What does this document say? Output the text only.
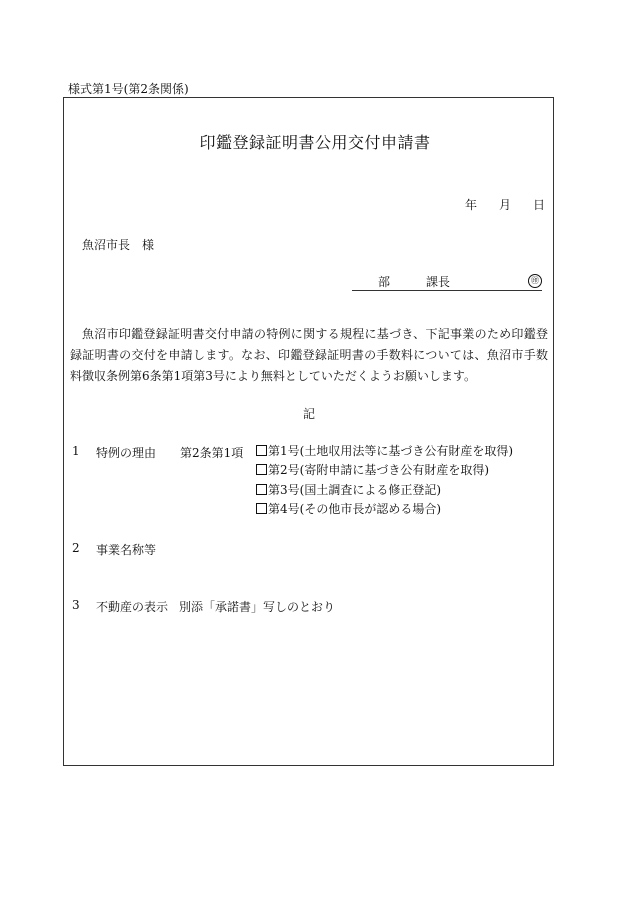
様式第1号(第2条関係)
印鑑登録証明書公用交付申請書
年 月 日
魚沼市長 様
部	課長	㊞
魚沼市印鑑登録証明書交付申請の特例に関する規程に基づき、下記事業のため印鑑登録証明書の交付を申請します。なお、印鑑登録証明書の手数料については、魚沼市手数料徴収条例第6条第1項第3号により無料としていただくようお願いします。
記
1 特例の理由 第2条第1項	第1号(土地収用法等に基づき公有財産を取得)
第2号(寄附申請に基づき公有財産を取得)
第3号(国土調査による修正登記)
第4号(その他市長が認める場合)
2 事業名称等
3 不動産の表示 別添「承諾書」写しのとおり
